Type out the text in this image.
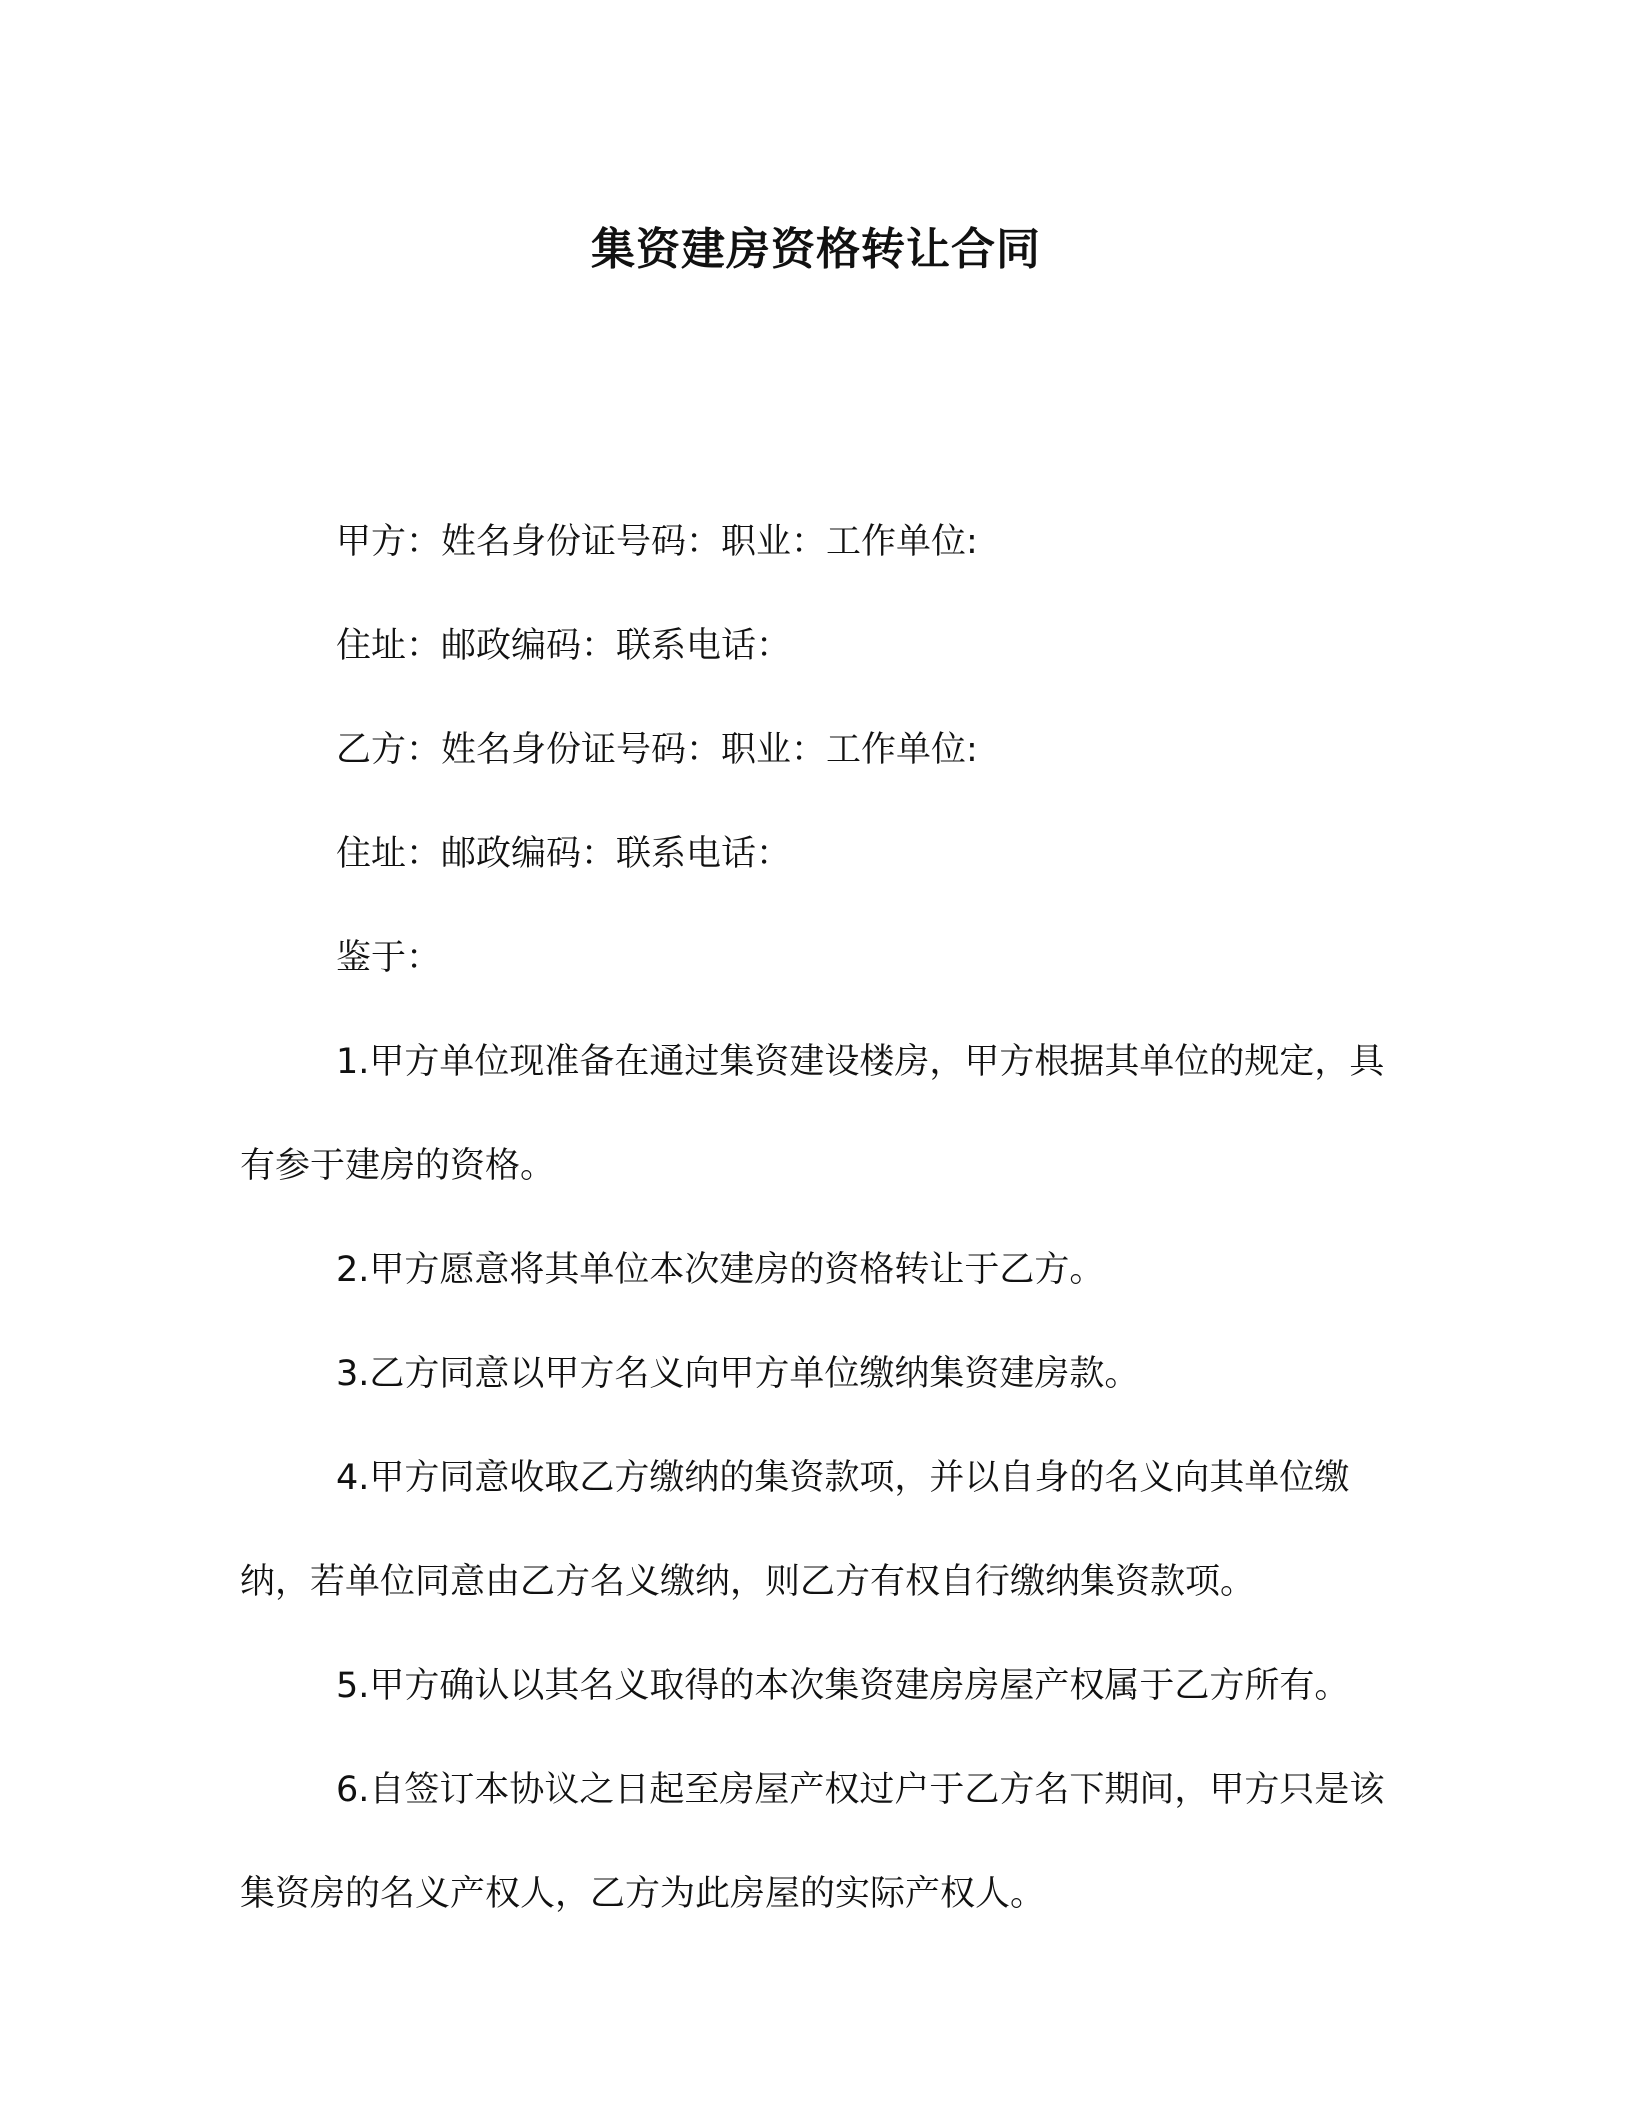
集资建房资格转让合同

甲方：姓名身份证号码：职业：工作单位:

住址：邮政编码：联系电话：

乙方：姓名身份证号码：职业：工作单位:

住址：邮政编码：联系电话：

鉴于：

1.甲方单位现准备在通过集资建设楼房，甲方根据其单位的规定，具有参于建房的资格。

2.甲方愿意将其单位本次建房的资格转让于乙方。

3.乙方同意以甲方名义向甲方单位缴纳集资建房款。

4.甲方同意收取乙方缴纳的集资款项，并以自身的名义向其单位缴纳，若单位同意由乙方名义缴纳，则乙方有权自行缴纳集资款项。

5.甲方确认以其名义取得的本次集资建房房屋产权属于乙方所有。

6.自签订本协议之日起至房屋产权过户于乙方名下期间，甲方只是该集资房的名义产权人，乙方为此房屋的实际产权人。
